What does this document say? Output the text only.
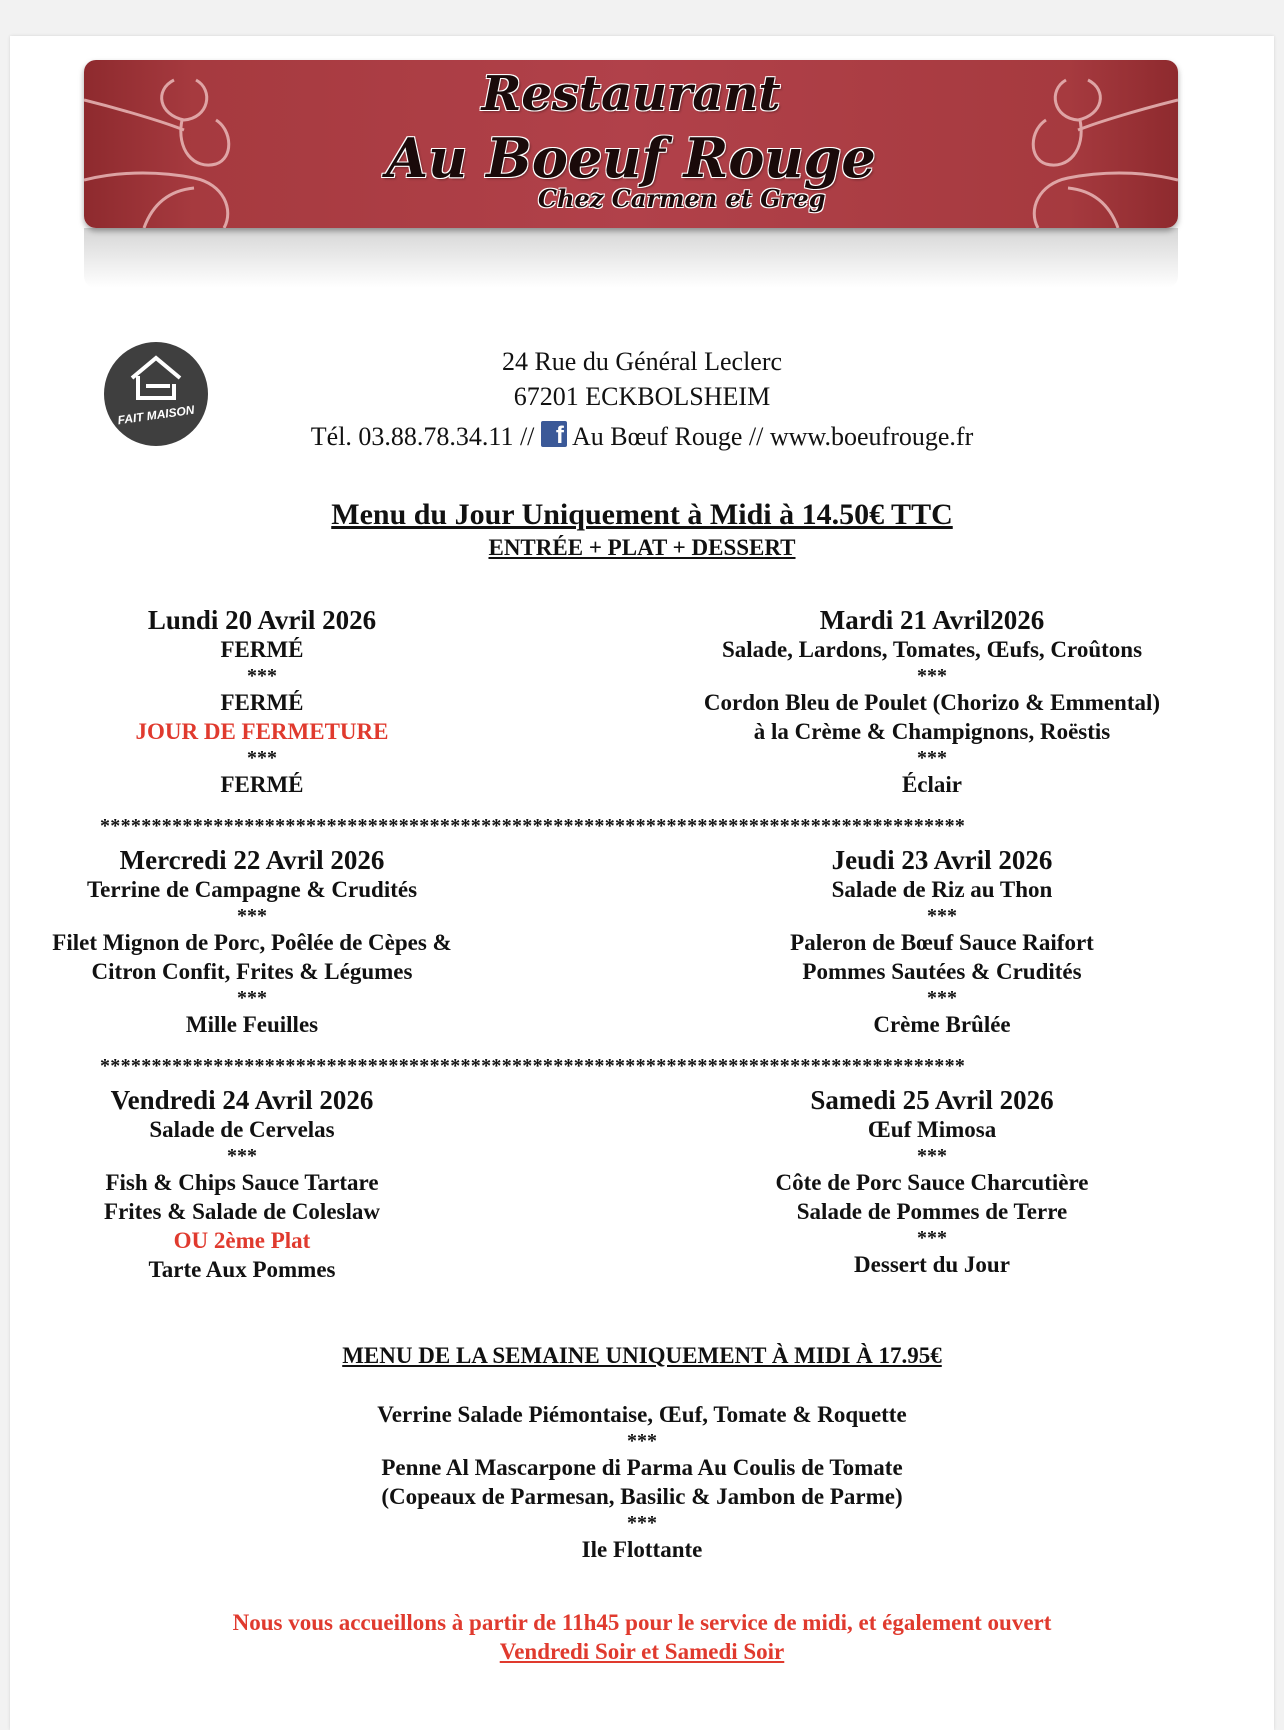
Restaurant
Au Boeuf Rouge
Chez Carmen et Greg
FAIT MAISON
24 Rue du Général Leclerc
67201 ECKBOLSHEIM
Tél. 03.88.78.34.11 // f Au Bœuf Rouge // www.boeufrouge.fr
Menu du Jour Uniquement à Midi à 14.50€ TTC
ENTRÉE + PLAT + DESSERT
Lundi 20 Avril 2026
FERMÉ
***
FERMÉ
JOUR DE FERMETURE
***
FERMÉ
Mardi 21 Avril2026
Salade, Lardons, Tomates, Œufs, Croûtons
***
Cordon Bleu de Poulet (Chorizo & Emmental)
à la Crème & Champignons, Roëstis
***
Éclair
************************************************************************************
Mercredi 22 Avril 2026
Terrine de Campagne & Crudités
***
Filet Mignon de Porc, Poêlée de Cèpes &
Citron Confit, Frites & Légumes
***
Mille Feuilles
Jeudi 23 Avril 2026
Salade de Riz au Thon
***
Paleron de Bœuf Sauce Raifort
Pommes Sautées & Crudités
***
Crème Brûlée
************************************************************************************
Vendredi 24 Avril 2026
Salade de Cervelas
***
Fish & Chips Sauce Tartare
Frites & Salade de Coleslaw
OU 2ème Plat
Tarte Aux Pommes
Samedi 25 Avril 2026
Œuf Mimosa
***
Côte de Porc Sauce Charcutière
Salade de Pommes de Terre
***
Dessert du Jour
MENU DE LA SEMAINE UNIQUEMENT À MIDI À 17.95€
Verrine Salade Piémontaise, Œuf, Tomate & Roquette
***
Penne Al Mascarpone di Parma Au Coulis de Tomate
(Copeaux de Parmesan, Basilic & Jambon de Parme)
***
Ile Flottante
Nous vous accueillons à partir de 11h45 pour le service de midi, et également ouvert
Vendredi Soir et Samedi Soir
